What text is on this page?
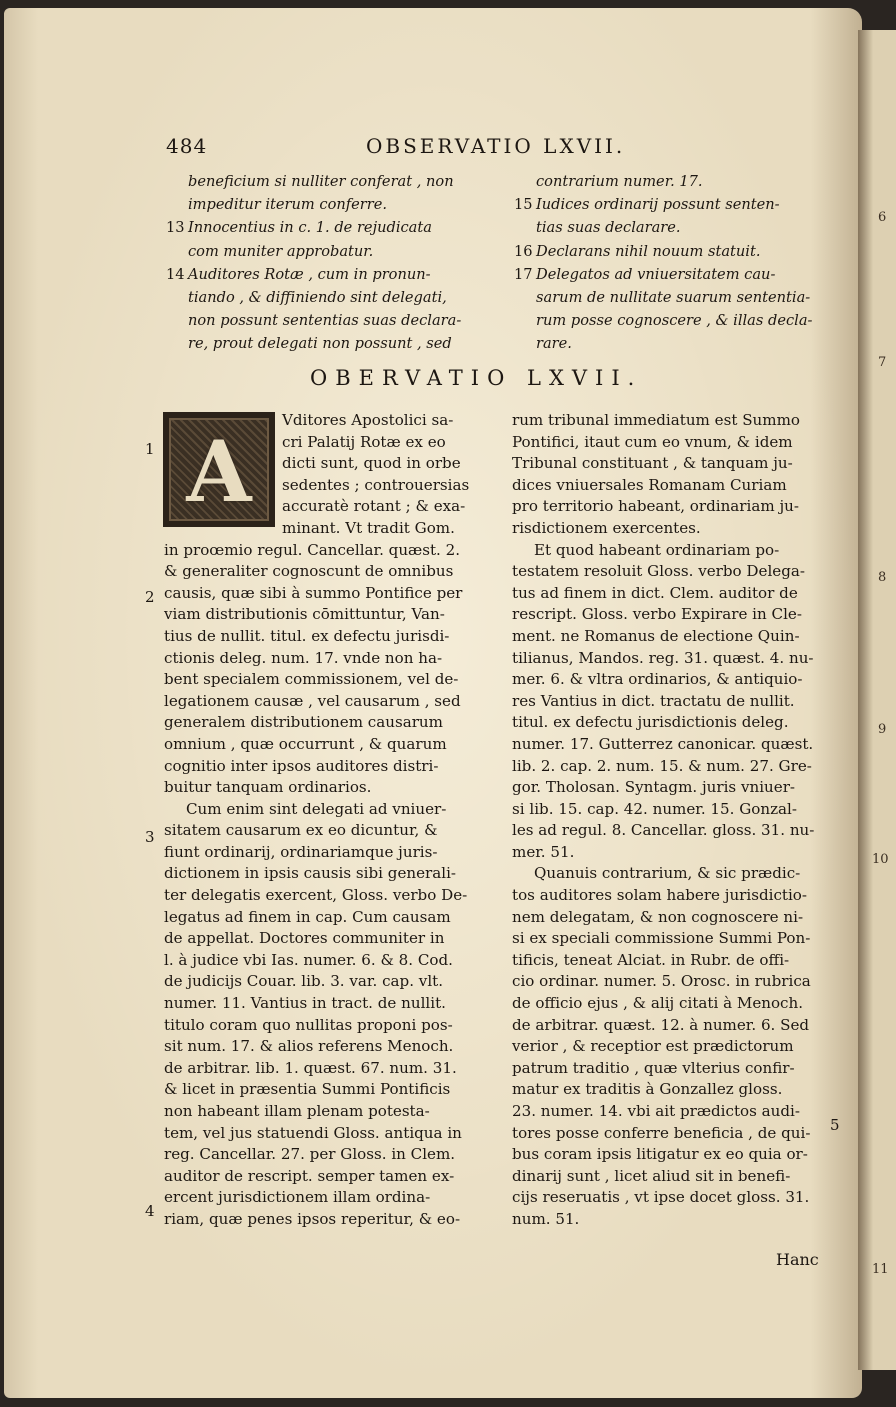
6
7
8
9
10
11
484	OBSERVATIO LXVII.
beneficium si nulliter conferat , non
impeditur iterum conferre.
13 Innocentius in c. 1. de rejudicata
com muniter approbatur.
14 Auditores Rotæ , cum in pronun-
tiando , & diffiniendo sint delegati,
non possunt sententias suas declara-
re, prout delegati non possunt , sed
contrarium numer. 17.
15 Iudices ordinarij possunt senten-
tias suas declarare.
16 Declarans nihil nouum statuit.
17 Delegatos ad vniuersitatem cau-
sarum de nullitate suarum sententia-
rum posse cognoscere , & illas decla-
rare.
OBERVATIO LXVII.
A
Vditores Apostolici sa-
cri Palatij Rotæ ex eo
dicti sunt, quod in orbe
sedentes ; controuersias
accuratè rotant ; & exa-
minant. Vt tradit Gom.
in proœmio regul. Cancellar. quæst. 2.
& generaliter cognoscunt de omnibus
causis, quæ sibi à summo Pontifice per
viam distributionis cōmittuntur, Van-
tius de nullit. titul. ex defectu jurisdi-
ctionis deleg. num. 17. vnde non ha-
bent specialem commissionem, vel de-
legationem causæ , vel causarum , sed
generalem distributionem causarum
omnium , quæ occurrunt , & quarum
cognitio inter ipsos auditores distri-
buitur tanquam ordinarios.
Cum enim sint delegati ad vniuer-
sitatem causarum ex eo dicuntur, &
fiunt ordinarij, ordinariamque juris-
dictionem in ipsis causis sibi generali-
ter delegatis exercent, Gloss. verbo De-
legatus ad finem in cap. Cum causam
de appellat. Doctores communiter in
l. à judice vbi Ias. numer. 6. & 8. Cod.
de judicijs Couar. lib. 3. var. cap. vlt.
numer. 11. Vantius in tract. de nullit.
titulo coram quo nullitas proponi pos-
sit num. 17. & alios referens Menoch.
de arbitrar. lib. 1. quæst. 67. num. 31.
& licet in præsentia Summi Pontificis
non habeant illam plenam potesta-
tem, vel jus statuendi Gloss. antiqua in
reg. Cancellar. 27. per Gloss. in Clem.
auditor de rescript. semper tamen ex-
ercent jurisdictionem illam ordina-
riam, quæ penes ipsos reperitur, & eo-
rum tribunal immediatum est Summo
Pontifici, itaut cum eo vnum, & idem
Tribunal constituant , & tanquam ju-
dices vniuersales Romanam Curiam
pro territorio habeant, ordinariam ju-
risdictionem exercentes.
Et quod habeant ordinariam po-
testatem resoluit Gloss. verbo Delega-
tus ad finem in dict. Clem. auditor de
rescript. Gloss. verbo Expirare in Cle-
ment. ne Romanus de electione Quin-
tilianus, Mandos. reg. 31. quæst. 4. nu-
mer. 6. & vltra ordinarios, & antiquio-
res Vantius in dict. tractatu de nullit.
titul. ex defectu jurisdictionis deleg.
numer. 17. Gutterrez canonicar. quæst.
lib. 2. cap. 2. num. 15. & num. 27. Gre-
gor. Tholosan. Syntagm. juris vniuer-
si lib. 15. cap. 42. numer. 15. Gonzal-
les ad regul. 8. Cancellar. gloss. 31. nu-
mer. 51.
Quanuis contrarium, & sic prædic-
tos auditores solam habere jurisdictio-
nem delegatam, & non cognoscere ni-
si ex speciali commissione Summi Pon-
tificis, teneat Alciat. in Rubr. de offi-
cio ordinar. numer. 5. Orosc. in rubrica
de officio ejus , & alij citati à Menoch.
de arbitrar. quæst. 12. à numer. 6. Sed
verior , & receptior est prædictorum
patrum traditio , quæ vlterius confir-
matur ex traditis à Gonzallez gloss.
23. numer. 14. vbi ait prædictos audi-
tores posse conferre beneficia , de qui-
bus coram ipsis litigatur ex eo quia or-
dinarij sunt , licet aliud sit in benefi-
cijs reseruatis , vt ipse docet gloss. 31.
num. 51.
1
2
3
4
5
Hanc
